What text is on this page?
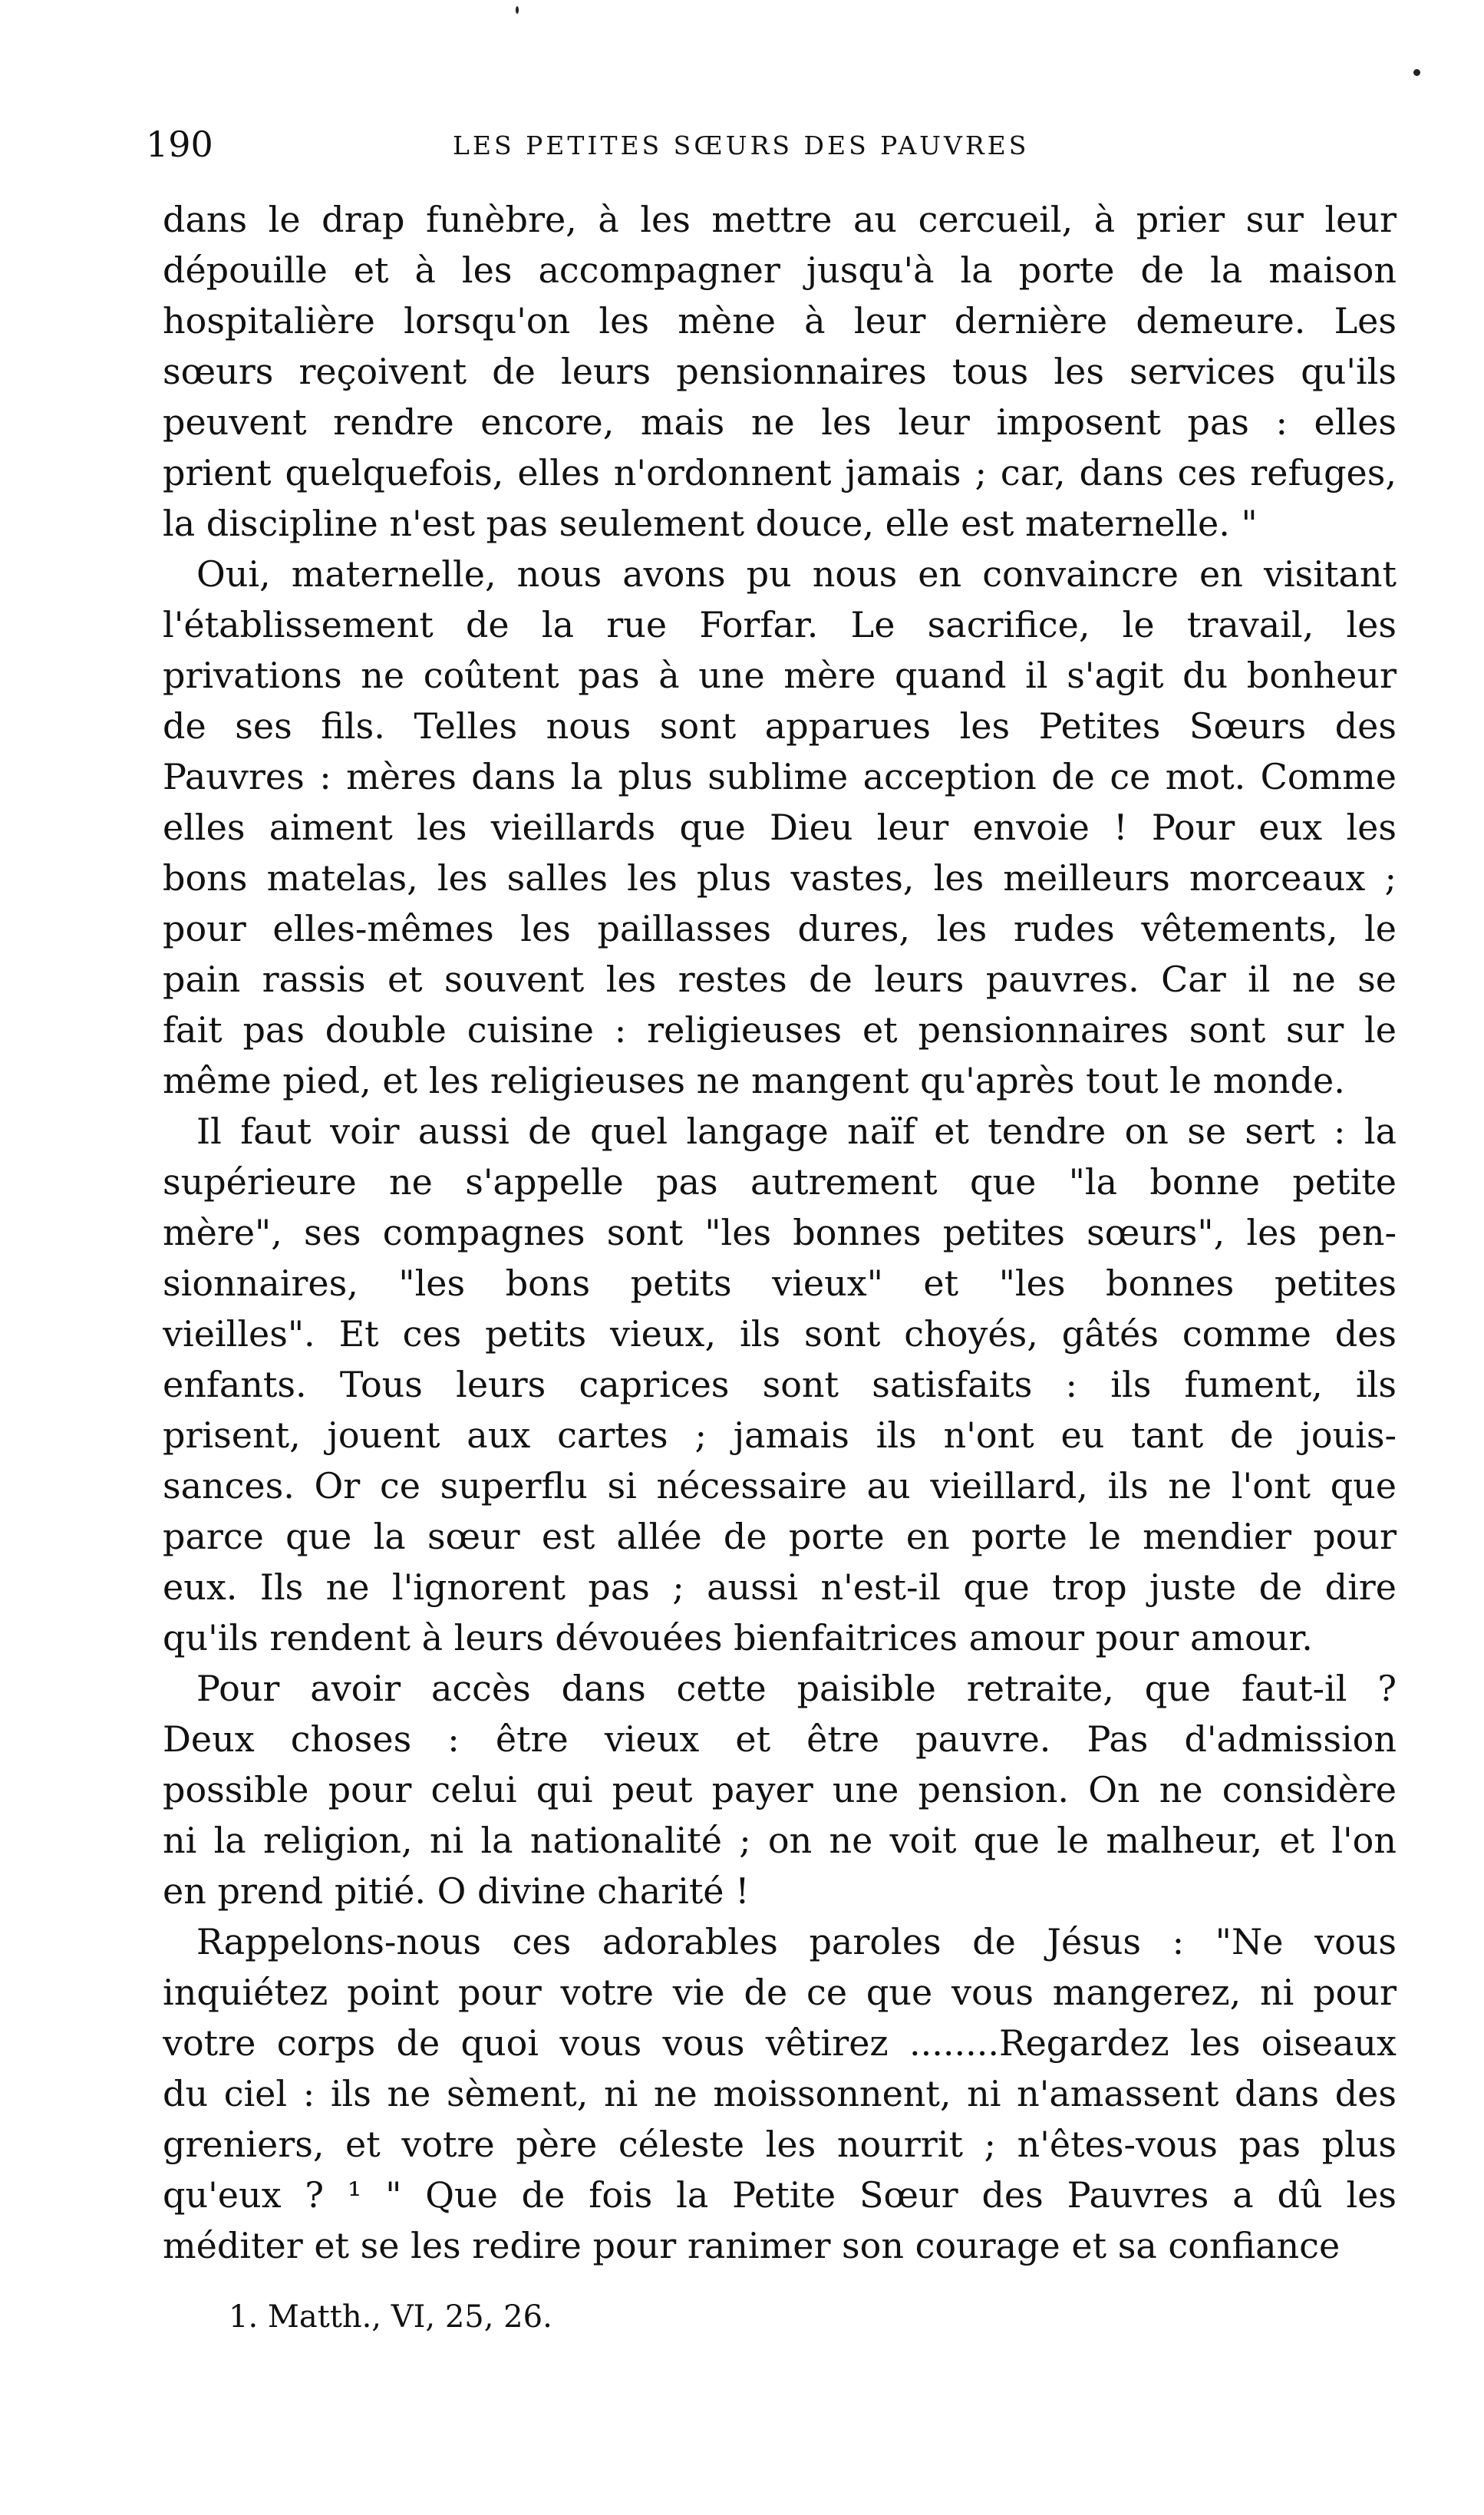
190	LES PETITES SŒURS DES PAUVRES
dans le drap funèbre, à les mettre au cercueil, à prier sur leur
dépouille et à les accompagner jusqu'à la porte de la maison
hospitalière lorsqu'on les mène à leur dernière demeure. Les
sœurs reçoivent de leurs pensionnaires tous les services qu'ils
peuvent rendre encore, mais ne les leur imposent pas : elles
prient quelquefois, elles n'ordonnent jamais ; car, dans ces refuges,
la discipline n'est pas seulement douce, elle est maternelle. "
Oui, maternelle, nous avons pu nous en convaincre en visitant
l'établissement de la rue Forfar. Le sacrifice, le travail, les
privations ne coûtent pas à une mère quand il s'agit du bonheur
de ses fils. Telles nous sont apparues les Petites Sœurs des
Pauvres : mères dans la plus sublime acception de ce mot. Comme
elles aiment les vieillards que Dieu leur envoie ! Pour eux les
bons matelas, les salles les plus vastes, les meilleurs morceaux ;
pour elles-mêmes les paillasses dures, les rudes vêtements, le
pain rassis et souvent les restes de leurs pauvres. Car il ne se
fait pas double cuisine : religieuses et pensionnaires sont sur le
même pied, et les religieuses ne mangent qu'après tout le monde.
Il faut voir aussi de quel langage naïf et tendre on se sert : la
supérieure ne s'appelle pas autrement que "la bonne petite
mère", ses compagnes sont "les bonnes petites sœurs", les pen-
sionnaires, "les bons petits vieux" et "les bonnes petites
vieilles". Et ces petits vieux, ils sont choyés, gâtés comme des
enfants. Tous leurs caprices sont satisfaits : ils fument, ils
prisent, jouent aux cartes ; jamais ils n'ont eu tant de jouis-
sances. Or ce superflu si nécessaire au vieillard, ils ne l'ont que
parce que la sœur est allée de porte en porte le mendier pour
eux. Ils ne l'ignorent pas ; aussi n'est-il que trop juste de dire
qu'ils rendent à leurs dévouées bienfaitrices amour pour amour.
Pour avoir accès dans cette paisible retraite, que faut-il ?
Deux choses : être vieux et être pauvre. Pas d'admission
possible pour celui qui peut payer une pension. On ne considère
ni la religion, ni la nationalité ; on ne voit que le malheur, et l'on
en prend pitié. O divine charité !
Rappelons-nous ces adorables paroles de Jésus : "Ne vous
inquiétez point pour votre vie de ce que vous mangerez, ni pour
votre corps de quoi vous vous vêtirez ........Regardez les oiseaux
du ciel : ils ne sèment, ni ne moissonnent, ni n'amassent dans des
greniers, et votre père céleste les nourrit ; n'êtes-vous pas plus
qu'eux ? ¹ " Que de fois la Petite Sœur des Pauvres a dû les
méditer et se les redire pour ranimer son courage et sa confiance
1. Matth., VI, 25, 26.
